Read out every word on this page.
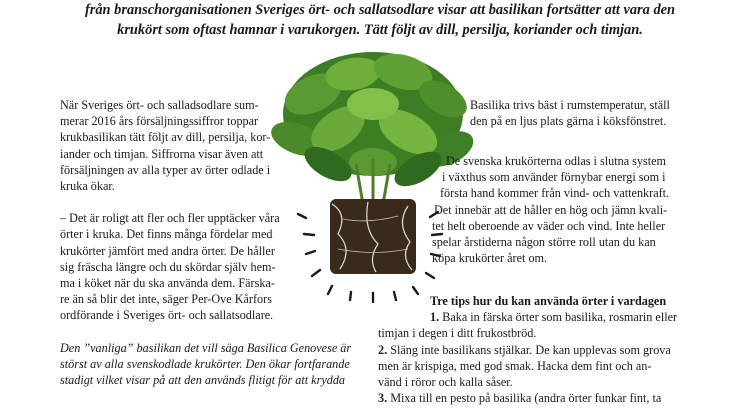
från branschorganisationen Sveriges ört- och sallatsodlare visar att basilikan fortsätter att vara den
krukört som oftast hamnar i varukorgen. Tätt följt av dill, persilja, koriander och timjan.

När Sveriges ört- och salladsodlare sum-
merar 2016 års försäljningssiffror toppar
krukbasilikan tätt följt av dill, persilja, kor-
iander och timjan. Siffrorna visar även att
försäljningen av alla typer av örter odlade i
kruka ökar.

– Det är roligt att fler och fler upptäcker våra
örter i kruka. Det finns många fördelar med
krukörter jämfört med andra örter. De håller
sig fräscha längre och du skördar själv hem-
ma i köket när du ska använda dem. Färska-
re än så blir det inte, säger Per-Ove Kårfors
ordförande i Sveriges ört- och sallatsodlare.

Den ”vanliga” basilikan det vill säga Basilica Genovese är
störst av alla svenskodlade krukörter. Den ökar fortfarande
stadigt vilket visar på att den används flitigt för att krydda

Basilika trivs bäst i rumstemperatur, ställ
den på en ljus plats gärna i köksfönstret.
De svenska krukörterna odlas i slutna system
i växthus som använder förnybar energi som i
första hand kommer från vind- och vattenkraft.
Det innebär att de håller en hög och jämn kvali-
tet helt oberoende av väder och vind. Inte heller
spelar årstiderna någon större roll utan du kan
köpa krukörter året om.
Tre tips hur du kan använda örter i vardagen
1. Baka in färska örter som basilika, rosmarin eller
timjan i degen i ditt frukostbröd.
2. Släng inte basilikans stjälkar. De kan upplevas som grova
men är krispiga, med god smak. Hacka dem fint och an-
vänd i röror och kalla såser.
3. Mixa till en pesto på basilika (andra örter funkar fint, ta
